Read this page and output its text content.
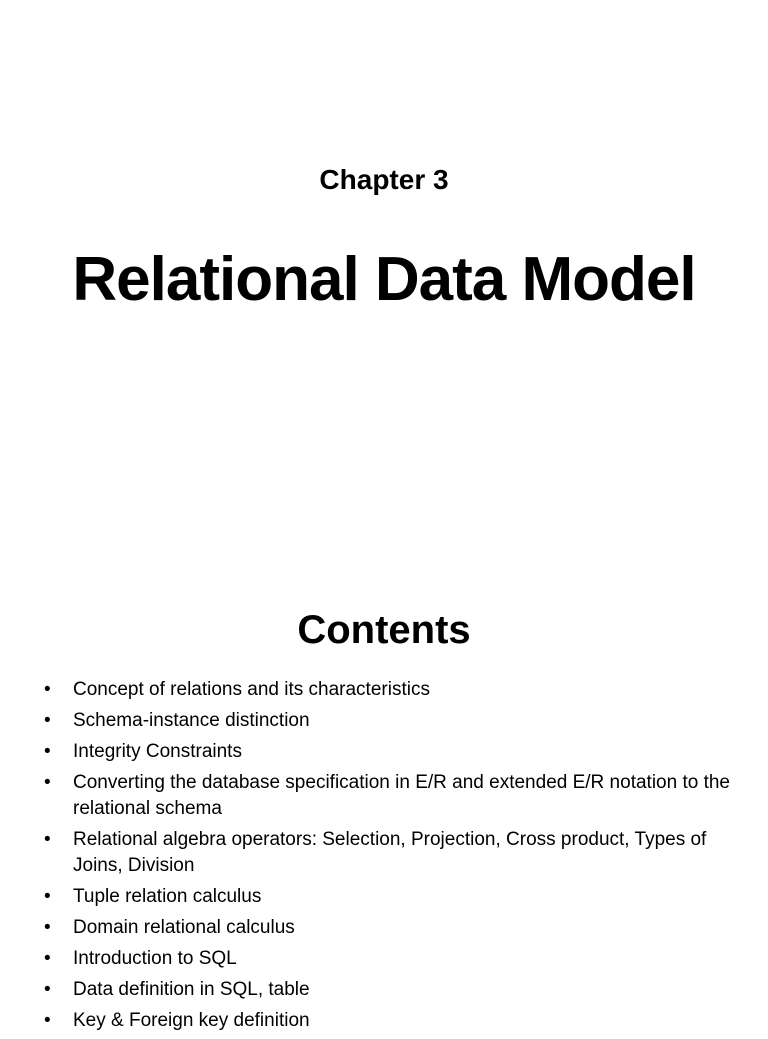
Chapter 3
Relational Data Model
Contents
•	Concept of relations and its characteristics
•	Schema-instance distinction
•	Integrity Constraints
•	Converting the database specification in E/R and extended E/R notation to the relational schema
•	Relational algebra operators: Selection, Projection, Cross product, Types of Joins, Division
•	Tuple relation calculus
•	Domain relational calculus
•	Introduction to SQL
•	Data definition in SQL, table
•	Key & Foreign key definition
